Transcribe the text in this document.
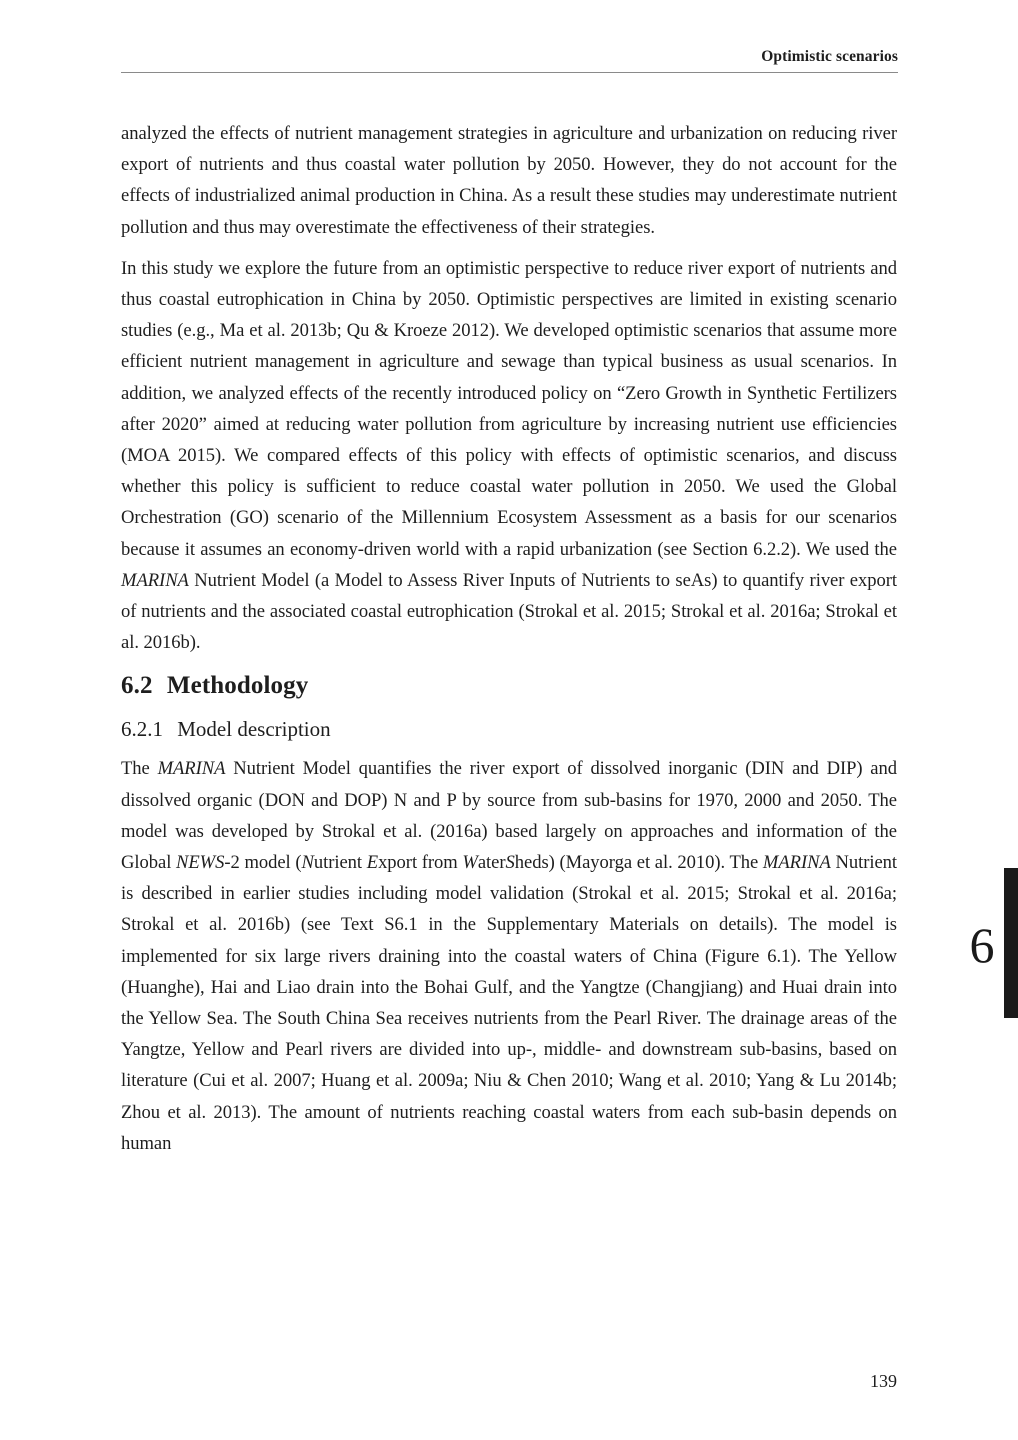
Optimistic scenarios

analyzed the effects of nutrient management strategies in agriculture and urbanization on reducing river export of nutrients and thus coastal water pollution by 2050. However, they do not account for the effects of industrialized animal production in China. As a result these studies may underestimate nutrient pollution and thus may overestimate the effectiveness of their strategies.

In this study we explore the future from an optimistic perspective to reduce river export of nutrients and thus coastal eutrophication in China by 2050. Optimistic perspectives are limited in existing scenario studies (e.g., Ma et al. 2013b; Qu & Kroeze 2012). We developed optimistic scenarios that assume more efficient nutrient management in agriculture and sewage than typical business as usual scenarios. In addition, we analyzed effects of the recently introduced policy on “Zero Growth in Synthetic Fertilizers after 2020” aimed at reducing water pollution from agriculture by increasing nutrient use efficiencies (MOA 2015). We compared effects of this policy with effects of optimistic scenarios, and discuss whether this policy is sufficient to reduce coastal water pollution in 2050. We used the Global Orchestration (GO) scenario of the Millennium Ecosystem Assessment as a basis for our scenarios because it assumes an economy-driven world with a rapid urbanization (see Section 6.2.2). We used the MARINA Nutrient Model (a Model to Assess River Inputs of Nutrients to seAs) to quantify river export of nutrients and the associated coastal eutrophication (Strokal et al. 2015; Strokal et al. 2016a; Strokal et al. 2016b).

6.2 Methodology
6.2.1 Model description

The MARINA Nutrient Model quantifies the river export of dissolved inorganic (DIN and DIP) and dissolved organic (DON and DOP) N and P by source from sub-basins for 1970, 2000 and 2050. The model was developed by Strokal et al. (2016a) based largely on approaches and information of the Global NEWS-2 model (Nutrient Export from WaterSheds) (Mayorga et al. 2010). The MARINA Nutrient is described in earlier studies including model validation (Strokal et al. 2015; Strokal et al. 2016a; Strokal et al. 2016b) (see Text S6.1 in the Supplementary Materials on details). The model is implemented for six large rivers draining into the coastal waters of China (Figure 6.1). The Yellow (Huanghe), Hai and Liao drain into the Bohai Gulf, and the Yangtze (Changjiang) and Huai drain into the Yellow Sea. The South China Sea receives nutrients from the Pearl River. The drainage areas of the Yangtze, Yellow and Pearl rivers are divided into up-, middle- and downstream sub-basins, based on literature (Cui et al. 2007; Huang et al. 2009a; Niu & Chen 2010; Wang et al. 2010; Yang & Lu 2014b; Zhou et al. 2013). The amount of nutrients reaching coastal waters from each sub-basin depends on human

6
139
